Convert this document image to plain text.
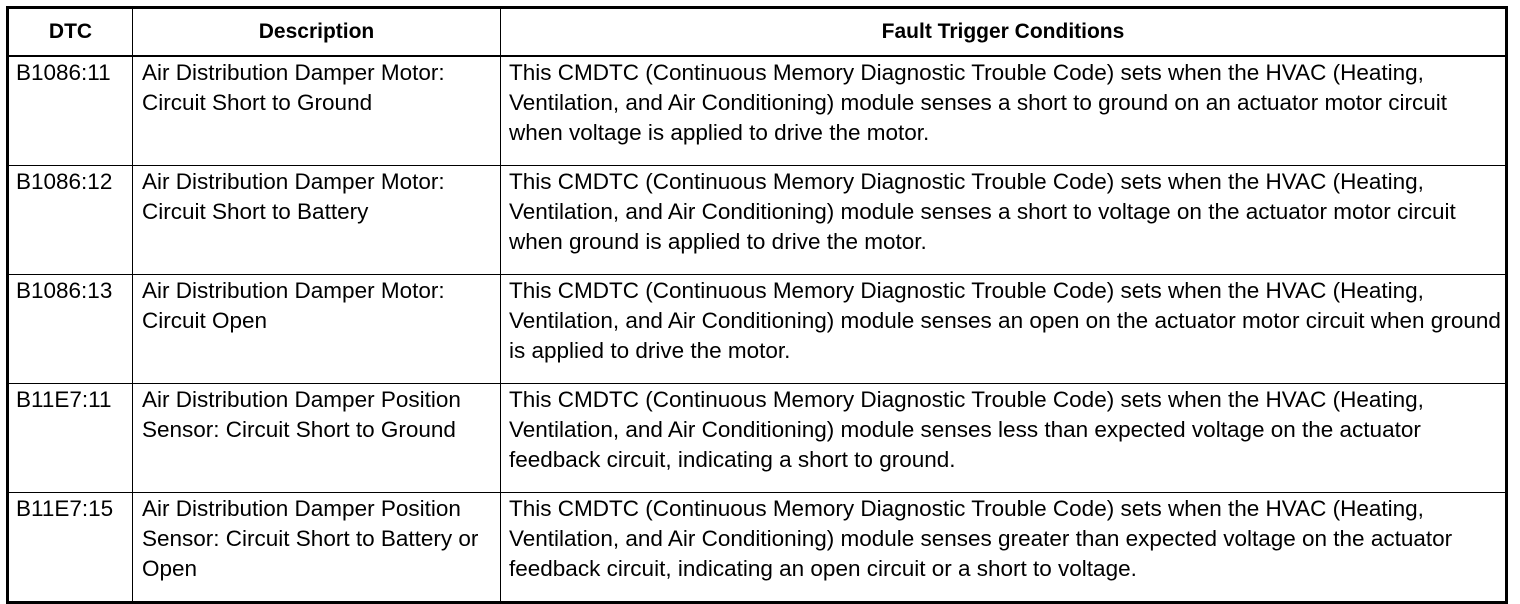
DTC	Description	Fault Trigger Conditions
B1086:11	Air Distribution Damper Motor: Circuit Short to Ground	This CMDTC (Continuous Memory Diagnostic Trouble Code) sets when the HVAC (Heating, Ventilation, and Air Conditioning) module senses a short to ground on an actuator motor circuit when voltage is applied to drive the motor.
B1086:12	Air Distribution Damper Motor: Circuit Short to Battery	This CMDTC (Continuous Memory Diagnostic Trouble Code) sets when the HVAC (Heating, Ventilation, and Air Conditioning) module senses a short to voltage on the actuator motor circuit when ground is applied to drive the motor.
B1086:13	Air Distribution Damper Motor: Circuit Open	This CMDTC (Continuous Memory Diagnostic Trouble Code) sets when the HVAC (Heating, Ventilation, and Air Conditioning) module senses an open on the actuator motor circuit when ground is applied to drive the motor.
B11E7:11	Air Distribution Damper Position Sensor: Circuit Short to Ground	This CMDTC (Continuous Memory Diagnostic Trouble Code) sets when the HVAC (Heating, Ventilation, and Air Conditioning) module senses less than expected voltage on the actuator feedback circuit, indicating a short to ground.
B11E7:15	Air Distribution Damper Position Sensor: Circuit Short to Battery or Open	This CMDTC (Continuous Memory Diagnostic Trouble Code) sets when the HVAC (Heating, Ventilation, and Air Conditioning) module senses greater than expected voltage on the actuator feedback circuit, indicating an open circuit or a short to voltage.
